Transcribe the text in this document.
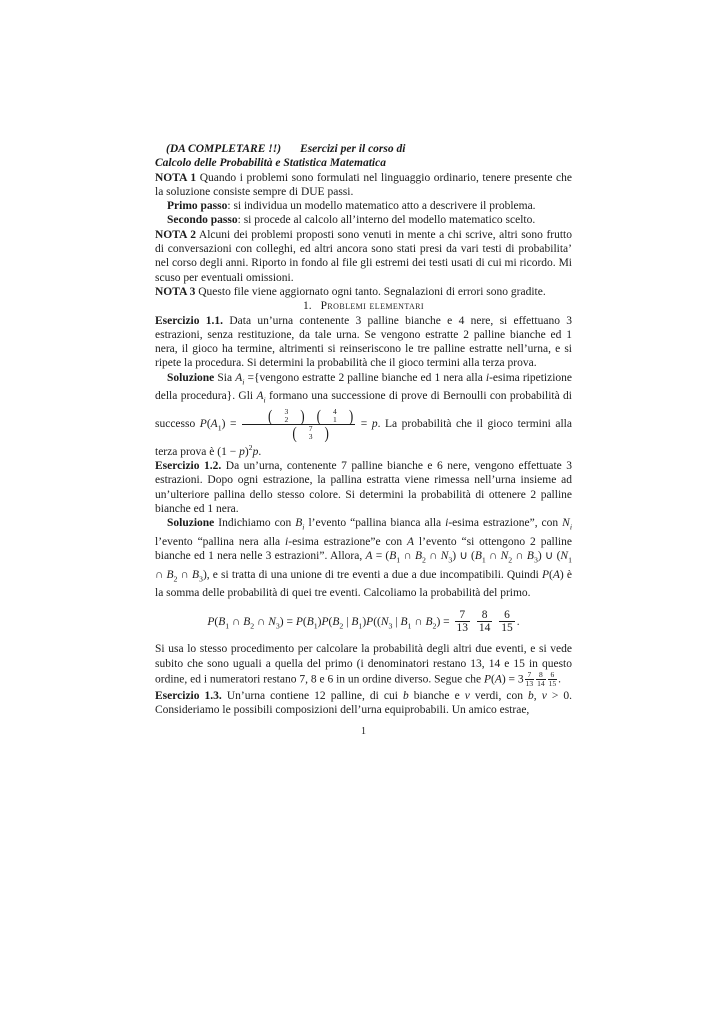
(DA COMPLETARE !!) Esercizi per il corso di
Calcolo delle Probabilità e Statistica Matematica

NOTA 1 Quando i problemi sono formulati nel linguaggio ordinario, tenere presente che la soluzione consiste sempre di DUE passi.

Primo passo: si individua un modello matematico atto a descrivere il problema.

Secondo passo: si procede al calcolo all’interno del modello matematico scelto.

NOTA 2 Alcuni dei problemi proposti sono venuti in mente a chi scrive, altri sono frutto di conversazioni con colleghi, ed altri ancora sono stati presi da vari testi di probabilita’ nel corso degli anni. Riporto in fondo al file gli estremi dei testi usati di cui mi ricordo. Mi scuso per eventuali omissioni.

NOTA 3 Questo file viene aggiornato ogni tanto. Segnalazioni di errori sono gradite.

1. Problemi elementari

Esercizio 1.1. Data un’urna contenente 3 palline bianche e 4 nere, si effettuano 3 estrazioni, senza restituzione, da tale urna. Se vengono estratte 2 palline bianche ed 1 nera, il gioco ha termine, altrimenti si reinseriscono le tre palline estratte nell’urna, e si ripete la procedura. Si determini la probabilità che il gioco termini alla terza prova.

Soluzione Sia $A_i$ ={vengono estratte 2 palline bianche ed 1 nera alla i-esima ripetizione della procedura}. Gli $A_i$ formano una successione di prove di Bernoulli con probabilità di successo $P(A_1)$ = (	3
2 ) (	4
1 )
(	7
3 ) = p. La probabilità che il gioco termini alla terza prova è $(1 - p)^2p$.

Esercizio 1.2. Da un’urna, contenente 7 palline bianche e 6 nere, vengono effettuate 3 estrazioni. Dopo ogni estrazione, la pallina estratta viene rimessa nell’urna insieme ad un’ulteriore pallina dello stesso colore. Si determini la probabilità di ottenere 2 palline bianche ed 1 nera.

Soluzione Indichiamo con $B_i$ l’evento “pallina bianca alla i-esima estrazione”, con $N_i$ l’evento “pallina nera alla i-esima estrazione”e con A l’evento “si ottengono 2 palline bianche ed 1 nera nelle 3 estrazioni”. Allora, $A = (B_1$ ∩ $B_2$ ∩ $N_3$) ∪ ($B_1$ ∩ $N_2$ ∩ $B_3$) ∪ ($N_1$ ∩ $B_2$ ∩ $B_3$), e si tratta di una unione di tre eventi a due a due incompatibili. Quindi P(A) è la somma delle probabilità di quei tre eventi. Calcoliamo la probabilità del primo.

$P(B_1$ ∩ $B_2$ ∩ $N_3) = P(B_1)P(B_2$ | $B_1)P((N_3$ | $B_1$ ∩ $B_2) = \frac{7}{13}$
$\frac{8}{14}$
$\frac{6}{15}$ .

Si usa lo stesso procedimento per calcolare la probabilità degli altri due eventi, e si vede subito che sono uguali a quella del primo (i denominatori restano 13, 14 e 15 in questo ordine, ed i numeratori restano 7, 8 e 6 in un ordine diverso. Segue che $P(A) = 3 \frac{7}{13} \frac{8}{14} \frac{6}{15}$ .

Esercizio 1.3. Un’urna contiene 12 palline, di cui b bianche e v verdi, con b, v > 0. Consideriamo le possibili composizioni dell’urna equiprobabili. Un amico estrae,

1
